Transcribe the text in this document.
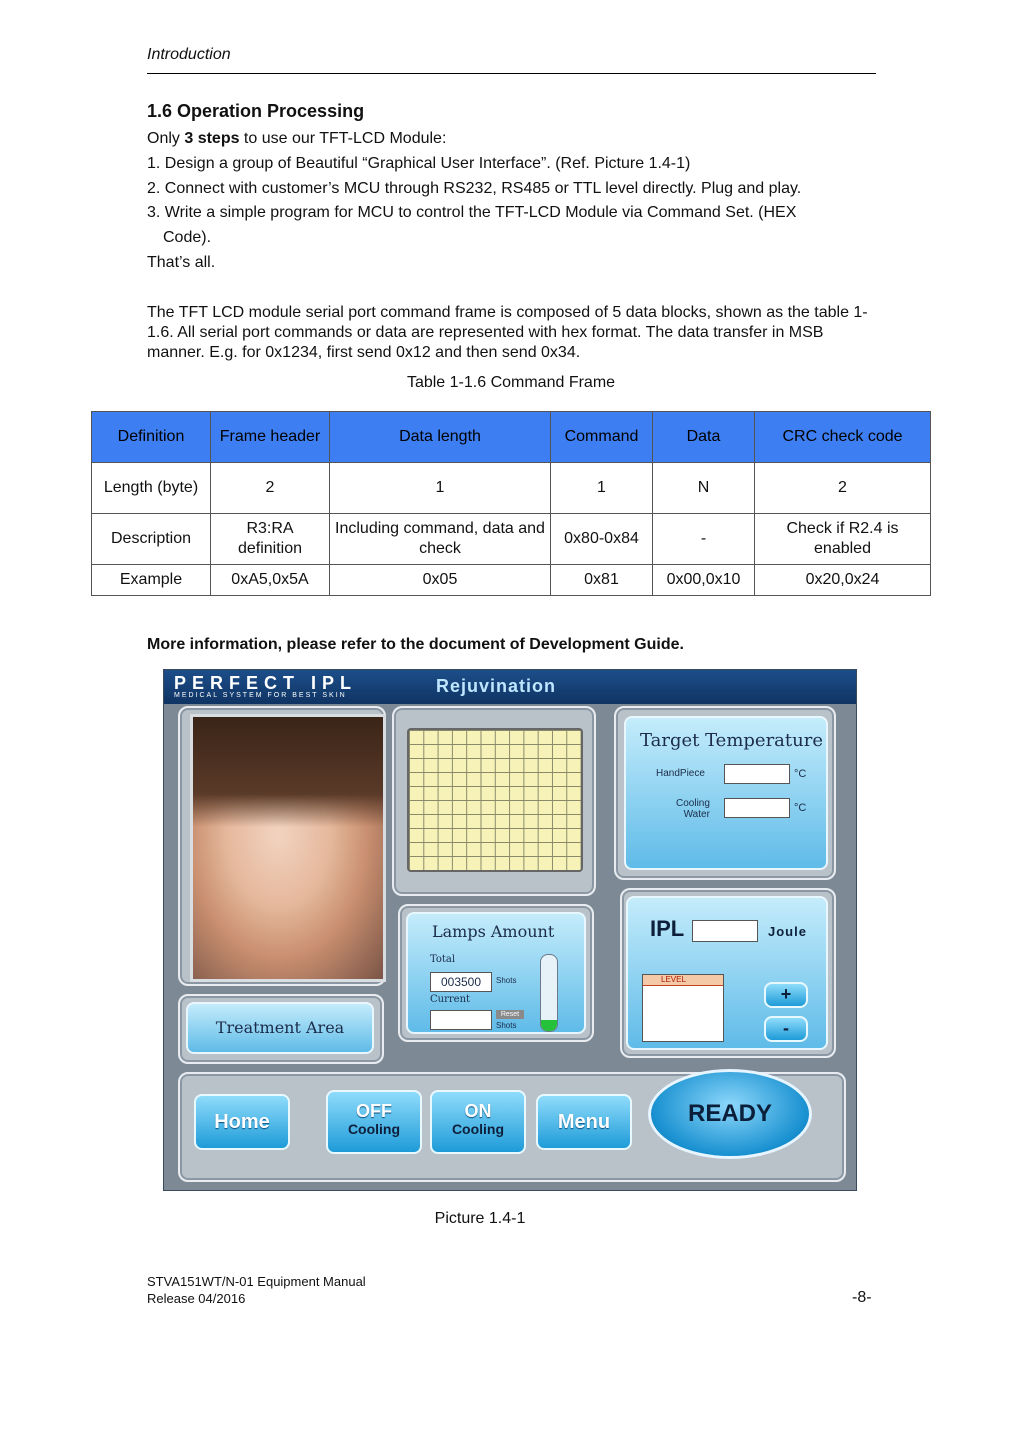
Introduction
1.6 Operation Processing
Only 3 steps to use our TFT-LCD Module:
1. Design a group of Beautiful “Graphical User Interface”. (Ref. Picture 1.4-1)
2. Connect with customer’s MCU through RS232, RS485 or TTL level directly. Plug and play.
3. Write a simple program for MCU to control the TFT-LCD Module via Command Set. (HEX
Code).
That’s all.
The TFT LCD module serial port command frame is composed of 5 data blocks, shown as the table 1-1.6. All serial port commands or data are represented with hex format. The data transfer in MSB manner. E.g. for 0x1234, first send 0x12 and then send 0x34.
Table 1-1.6 Command Frame
Definition	Frame header	Data length	Command	Data	CRC check code
Length (byte)	2	1	1	N	2
Description	R3:RA definition	Including command, data and check	0x80-0x84	-	Check if R2.4 is enabled
Example	0xA5,0x5A	0x05	0x81	0x00,0x10	0x20,0x24
More information, please refer to the document of Development Guide.
PERFECT IPL
MEDICAL SYSTEM FOR BEST SKIN	Rejuvination
Target Temperature
HandPiece	°C
Cooling
Water
°C
Lamps Amount
Total
003500	Shots
Current
Reset
Shots
IPL	Joule
LEVEL
+
-
Treatment Area
Home	OFF
Cooling
ON
Cooling	Menu	READY
Picture 1.4-1
STVA151WT/N-01 Equipment Manual
Release 04/2016	-8-
